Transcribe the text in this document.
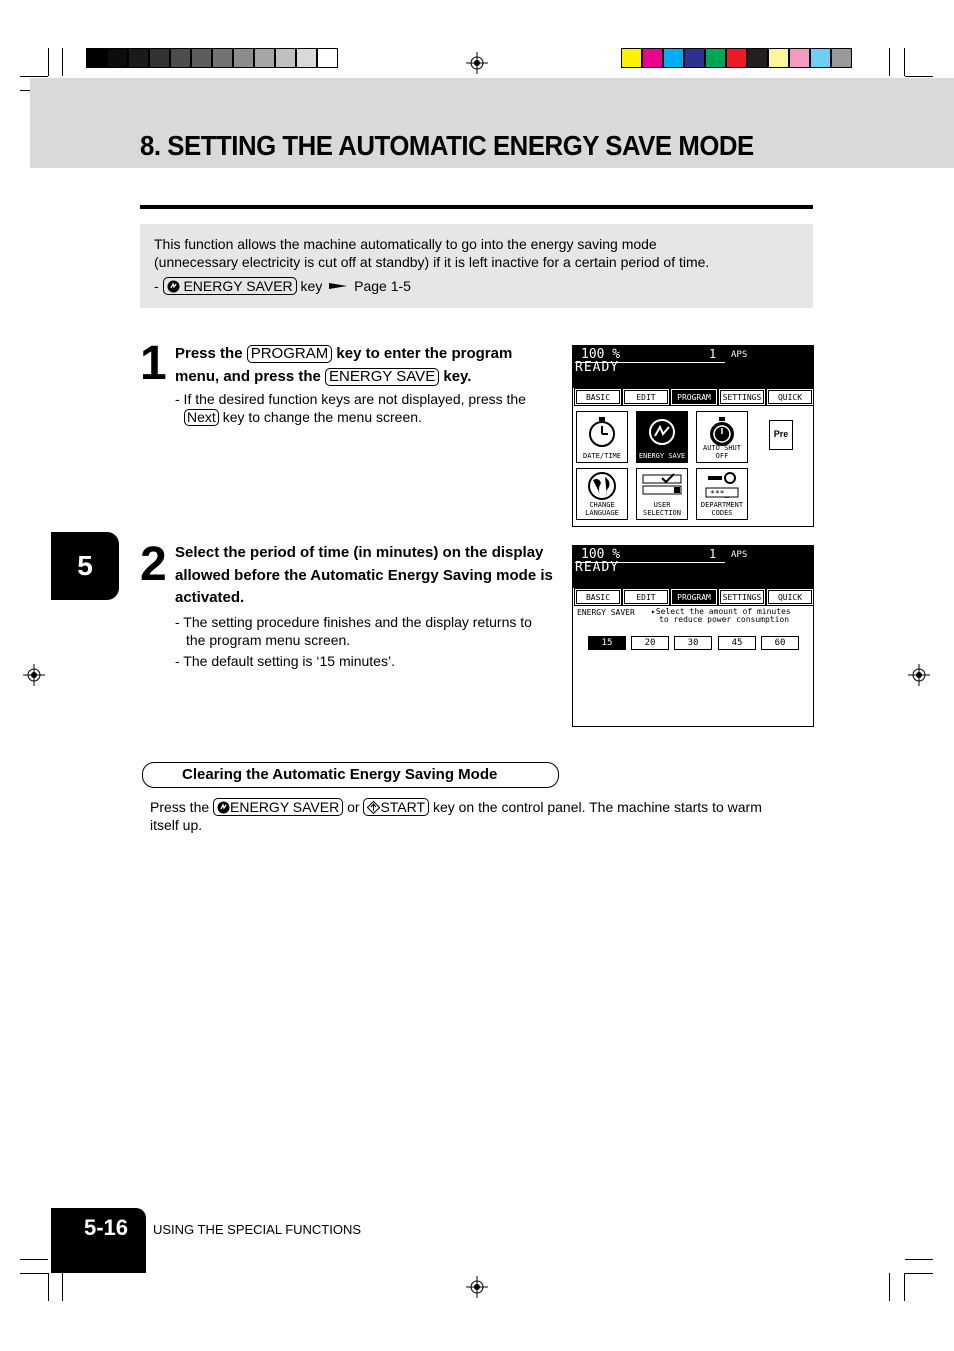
8. SETTING THE AUTOMATIC ENERGY SAVE MODE

This function allows the machine automatically to go into the energy saving mode

(unnecessary electricity is cut off at standby) if it is left inactive for a certain period of time.

- ENERGY SAVER key Page 1-5

5
1 Press the PROGRAM key to enter the program
menu, and press the ENERGY SAVE key.
- If the desired function keys are not displayed, press the
Next key to change the menu screen.
100 %	1 APS
READY
BASIC	EDIT	PROGRAM	SETTINGS	QUICK
DATE/TIME	ENERGY SAVE
AUTO SHUT OFF
Pre
CHANGE
LANGUAGE
USER SELECTION
***_
DEPARTMENT CODES
2 Select the period of time (in minutes) on the display
allowed before the Automatic Energy Saving mode is
activated.
- The setting procedure finishes and the display returns to
the program menu screen.
- The default setting is ‘15 minutes’.
100 %	1 APS
READY
BASIC	EDIT	PROGRAM	SETTINGS	QUICK
ENERGY SAVER ▸Select the amount of minutes
to reduce power consumption
15	20	30	45	60
Clearing the Automatic Energy Saving Mode
Press the ENERGY SAVER or START key on the control panel. The machine starts to warm
itself up.
5-16 USING THE SPECIAL FUNCTIONS
